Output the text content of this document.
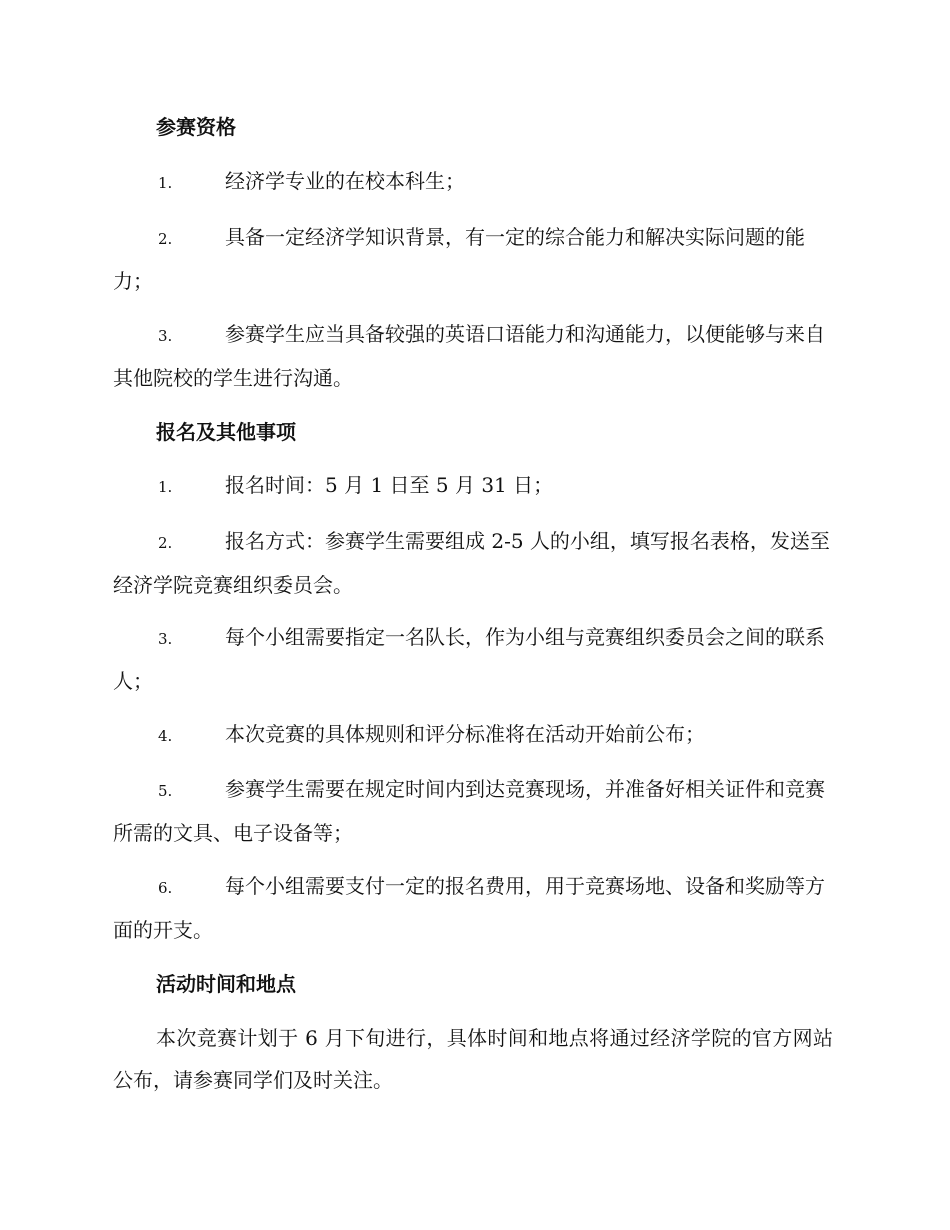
参赛资格
1.	经济学专业的在校本科生；
2.	具备一定经济学知识背景，有一定的综合能力和解决实际问题的能力；
3.	参赛学生应当具备较强的英语口语能力和沟通能力，以便能够与来自其他院校的学生进行沟通。
报名及其他事项
1.	报名时间：5 月 1 日至 5 月 31 日；
2.	报名方式：参赛学生需要组成 2-5 人的小组，填写报名表格，发送至经济学院竞赛组织委员会。
3.	每个小组需要指定一名队长，作为小组与竞赛组织委员会之间的联系人；
4.	本次竞赛的具体规则和评分标准将在活动开始前公布；
5.	参赛学生需要在规定时间内到达竞赛现场，并准备好相关证件和竞赛所需的文具、电子设备等；
6.	每个小组需要支付一定的报名费用，用于竞赛场地、设备和奖励等方面的开支。
活动时间和地点
本次竞赛计划于 6 月下旬进行，具体时间和地点将通过经济学院的官方网站公布，请参赛同学们及时关注。
